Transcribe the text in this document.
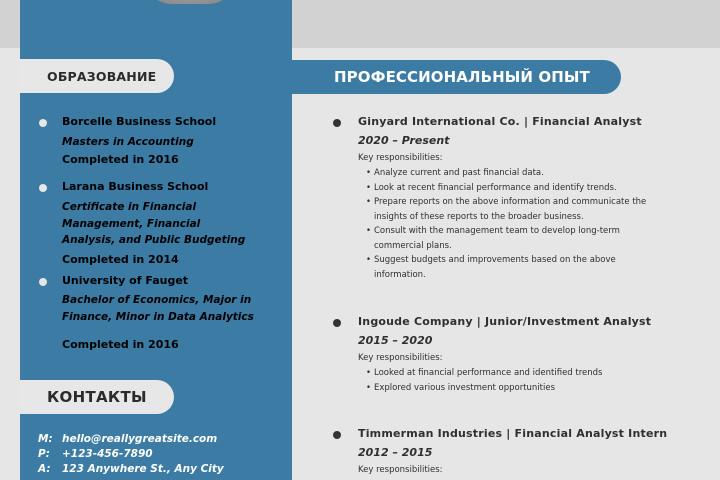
ОБРАЗОВАНИЕ	ПРОФЕССИОНАЛЬНЫЙ ОПЫТ
Borcelle Business School
Masters in Accounting
Completed in 2016
Larana Business School
Certificate in Financial Management, Financial Analysis, and Public Budgeting
Completed in 2014
University of Fauget
Bachelor of Economics, Major in Finance, Minor in Data Analytics
Completed in 2016
КОНТАКТЫ
M: hello@reallygreatsite.com
P:	+123-456-7890
A:	123 Anywhere St., Any City
Ginyard International Co. | Financial Analyst
2020 – Present
Key responsibilities:
• Analyze current and past financial data.
• Look at recent financial performance and identify trends.
• Prepare reports on the above information and communicate the insights of these reports to the broader business.
• Consult with the management team to develop long-term commercial plans.
• Suggest budgets and improvements based on the above information.
Ingoude Company | Junior/Investment Analyst
2015 – 2020
Key responsibilities:
• Looked at financial performance and identified trends
• Explored various investment opportunities
Timmerman Industries | Financial Analyst Intern
2012 – 2015
Key responsibilities:
